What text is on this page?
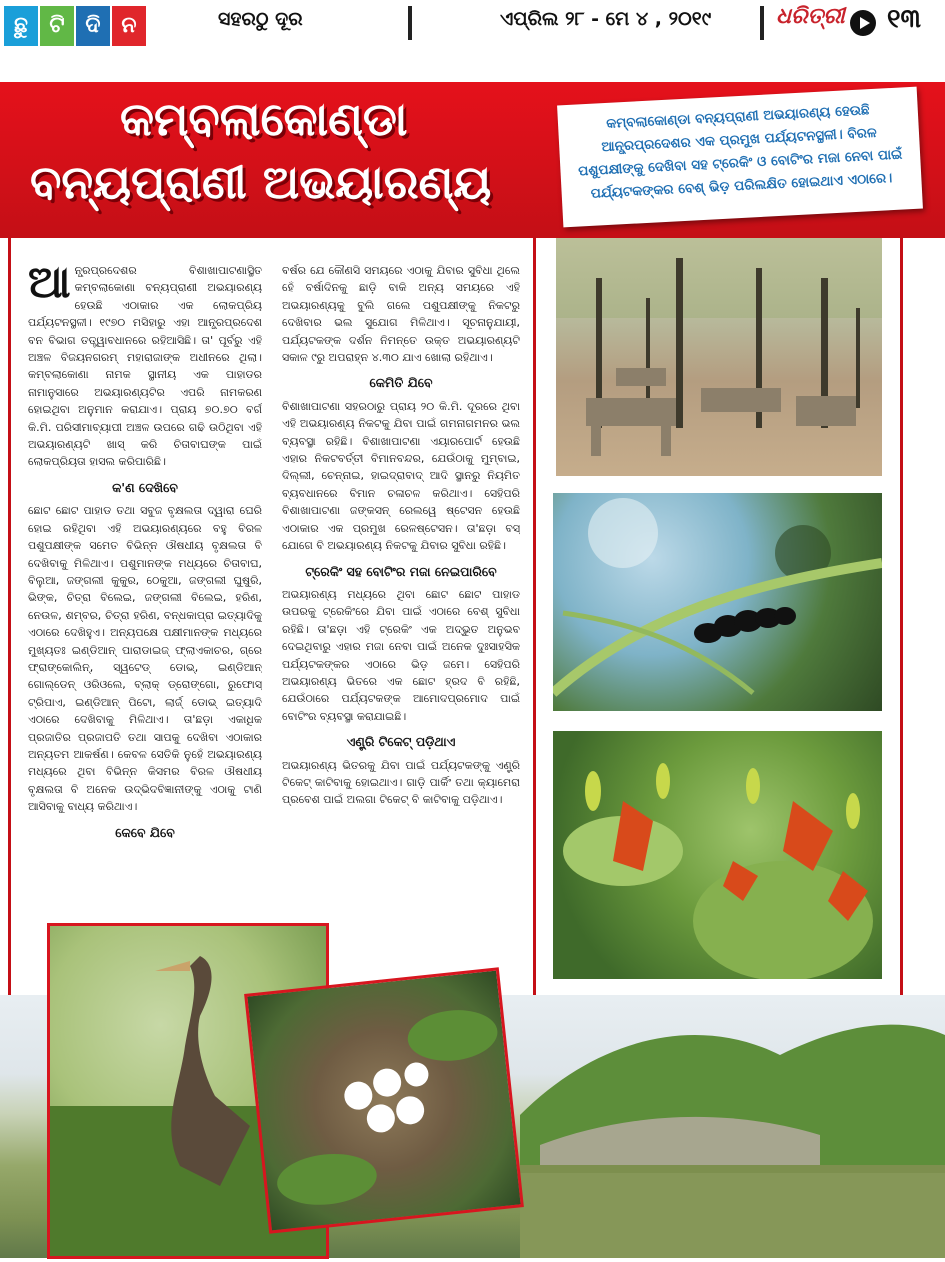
ଛୁ ଟି ଦି ନ	ସହରଠୁ ଦୂର	ଏପ୍ରିଲ ୨୮ - ମେ ୪ , ୨୦୧୯	ଧରିତ୍ରୀ ୧୩
କମ୍ବଲାକୋଣ୍ଡା
ବନ୍ୟପ୍ରାଣୀ ଅଭୟାରଣ୍ୟ
କମ୍ବଲାକୋଣ୍ଡା ବନ୍ୟପ୍ରାଣୀ ଅଭୟାରଣ୍ୟ ହେଉଛି ଆନ୍ଧ୍ରପ୍ରଦେଶର ଏକ ପ୍ରମୁଖ ପର୍ଯ୍ୟଟନସ୍ଥଳୀ। ବିରଳ ପଶୁପକ୍ଷୀଙ୍କୁ ଦେଖିବା ସହ ଟ୍ରେକିଂ ଓ ବୋଟିଂର ମଜା ନେବା ପାଇଁ ପର୍ଯ୍ୟଟକଙ୍କର ବେଶ୍ ଭିଡ଼ ପରିଲକ୍ଷିତ ହୋଇଥାଏ ଏଠାରେ।

ଆନ୍ଧ୍ରପ୍ରଦେଶର ବିଶାଖାପାଟଣାସ୍ଥିତ କମ୍ବଲାକୋଣା ବନ୍ୟପ୍ରାଣୀ ଅଭୟାରଣ୍ୟ ହେଉଛି ଏଠାକାର ଏକ ଲୋକପ୍ରିୟ ପର୍ଯ୍ୟଟନସ୍ଥଳୀ। ୧୯୭୦ ମସିହାରୁ ଏହା ଆନ୍ଧ୍ରପ୍ରଦେଶ ବନ ବିଭାଗ ତତ୍ତ୍ୱାବଧାନରେ ରହିଆସିଛି। ତା' ପୂର୍ବରୁ ଏହି ଅଞ୍ଚଳ ବିଜୟନଗରମ୍ ମହାରାଜାଙ୍କ ଅଧୀନରେ ଥିଲା। କମ୍ବଲାକୋଣା ନାମକ ସ୍ଥାନୀୟ ଏକ ପାହାଡର ନାମାନୁସାରେ ଅଭୟାରଣ୍ୟଟିର ଏପରି ନାମକରଣ ହୋଇଥିବା ଅନୁମାନ କରାଯାଏ। ପ୍ରାୟ ୭୦.୭୦ ବର୍ଗ କି.ମି. ପରିସୀମାବ୍ୟାପୀ ଅଞ୍ଚଳ ଉପରେ ଗଢି ଉଠିଥିବା ଏହି ଅଭୟାରଣ୍ୟଟି ଖାସ୍ କରି ଚିତାବାଘଙ୍କ ପାଇଁ ଲୋକପ୍ରିୟତା ହାସଲ କରିପାରିଛି।

କ'ଣ ଦେଖିବେ

ଛୋଟ ଛୋଟ ପାହାଡ ତଥା ସବୁଜ ବୃକ୍ଷଲତା ଦ୍ୱାରା ଘେରି ହୋଇ ରହିଥିବା ଏହି ଅଭୟାରଣ୍ୟରେ ବହୁ ବିରଳ ପଶୁପକ୍ଷୀଙ୍କ ସମେତ ବିଭିନ୍ନ ଔଷଧୀୟ ବୃକ୍ଷଲତା ବି ଦେଖିବାକୁ ମିଳିଥାଏ। ପଶୁମାନଙ୍କ ମଧ୍ୟରେ ଚିତାବାଘ, ବିଲୁଆ, ଜଙ୍ଗଲୀ କୁକୁର, ଠେକୁଆ, ଜଙ୍ଗଲୀ ଘୁଷୁରି, ଭିଙ୍କ, ଚିତ୍ରା ବିଲେଇ, ଜଙ୍ଗଲୀ ବିଲେଇ, ହରିଣ, ନେଉଳ, ଶମ୍ବର, ଚିତ୍ରା ହରିଣ, ବନ୍ଧକାପ୍ରା ଇତ୍ୟାଦିକୁ ଏଠାରେ ଦେଖିହୁଏ। ଅନ୍ୟପକ୍ଷେ ପକ୍ଷୀମାନଙ୍କ ମଧ୍ୟରେ ମୁଖ୍ୟତଃ ଇଣ୍ଡିଆନ୍ ପାରାଡାଇଜ୍ ଫ୍ଲାଏକାଚର, ଗ୍ରେ ଫ୍ରାଙ୍କୋଲିନ୍, ସ୍ୱଟେଡ୍ ଡୋଭ୍, ଇଣ୍ଡିଆନ୍ ଗୋଲ୍ଡେନ୍ ଓରିଓଲେ, ବ୍ଲାକ୍ ଡ୍ରୋଙ୍ଗୋ, ରୁଫୋସ୍ ଟ୍ରିପାଏ, ଇଣ୍ଡିଆନ୍ ପିଟୋ, ଲାର୍ଜ୍ ଡୋଭ୍ ଇତ୍ୟାଦି ଏଠାରେ ଦେଖିବାକୁ ମିଳିଥାଏ। ତା'ଛଡ଼ା ଏକାଧିକ ପ୍ରଜାତିର ପ୍ରଜାପତି ତଥା ସାପକୁ ଦେଖିବା ଏଠାକାର ଅନ୍ୟତମ ଆକର୍ଷଣ। କେବଳ ସେତିକି ନୁହେଁ ଅଭୟାରଣ୍ୟ ମଧ୍ୟରେ ଥିବା ବିଭିନ୍ନ କିସମର ବିରଳ ଔଷଧୀୟ ବୃକ୍ଷଲତା ବି ଅନେକ ଉଦ୍ଭିଦବିଜ୍ଞାନୀଙ୍କୁ ଏଠାକୁ ଟାଣି ଆସିବାକୁ ବାଧ୍ୟ କରିଥାଏ।

କେବେ ଯିବେ

ବର୍ଷର ଯେ କୌଣସି ସମୟରେ ଏଠାକୁ ଯିବାର ସୁବିଧା ଥିଲେ ହେଁ ବର୍ଷାଦିନକୁ ଛାଡ଼ି ବାକି ଅନ୍ୟ ସମୟରେ ଏହି ଅଭୟାରଣ୍ୟକୁ ବୁଲି ଗଲେ ପଶୁପକ୍ଷୀଙ୍କୁ ନିକଟରୁ ଦେଖିବାର ଭଲ ସୁଯୋଗ ମିଳିଥାଏ। ସୂଚନାନୁଯାୟୀ, ପର୍ଯ୍ୟଟକଙ୍କ ଦର୍ଶନ ନିମନ୍ତେ ଉକ୍ତ ଅଭୟାରଣ୍ୟଟି ସକାଳ ୯ରୁ ଅପରାହ୍ନ ୪.୩୦ ଯାଏ ଖୋଲା ରହିଥାଏ।

କେମିତି ଯିବେ

ବିଶାଖାପାଟଣା ସହରଠାରୁ ପ୍ରାୟ ୨୦ କି.ମି. ଦୂରରେ ଥିବା ଏହି ଅଭୟାରଣ୍ୟ ନିକଟକୁ ଯିବା ପାଇଁ ଗମନାଗମନର ଭଲ ବ୍ୟବସ୍ଥା ରହିଛି। ବିଶାଖାପାଟଣା ଏୟାରପୋର୍ଟ ହେଉଛି ଏହାର ନିକଟବର୍ତ୍ତୀ ବିମାନବନ୍ଦର, ଯେଉଁଠାକୁ ମୁମ୍ବାଇ, ଦିଲ୍ଲୀ, ଚେନ୍ନାଇ, ହାଇଦ୍ରାବାଦ୍ ଆଦି ସ୍ଥାନରୁ ନିୟମିତ ବ୍ୟବଧାନରେ ବିମାନ ଚଳାଚଳ କରିଥାଏ। ସେହିପରି ବିଶାଖାପାଟଣା ଜଙ୍କସନ୍ ରେଲୱେ ଷ୍ଟେସନ ହେଉଛି ଏଠାକାର ଏକ ପ୍ରମୁଖ ରେଳଷ୍ଟେସନ। ତା'ଛଡ଼ା ବସ୍ ଯୋଗେ ବି ଅଭୟାରଣ୍ୟ ନିକଟକୁ ଯିବାର ସୁବିଧା ରହିଛି।

ଟ୍ରେକିଂ ସହ ବୋଟିଂର ମଜା ନେଇପାରିବେ

ଅଭୟାରଣ୍ୟ ମଧ୍ୟରେ ଥିବା ଛୋଟ ଛୋଟ ପାହାଡ ଉପରକୁ ଟ୍ରେକିଂରେ ଯିବା ପାଇଁ ଏଠାରେ ବେଶ୍ ସୁବିଧା ରହିଛି। ତା'ଛଡ଼ା ଏହି ଟ୍ରେକିଂ ଏକ ଅଦ୍ଭୁତ ଅନୁଭବ ଦେଇଥିବାରୁ ଏହାର ମଜା ନେବା ପାଇଁ ଅନେକ ଦୁଃସାହସିକ ପର୍ଯ୍ୟଟକଙ୍କର ଏଠାରେ ଭିଡ଼ ଜମେ। ସେହିପରି ଅଭୟାରଣ୍ୟ ଭିତରେ ଏକ ଛୋଟ ହ୍ରଦ ବି ରହିଛି, ଯେଉଁଠାରେ ପର୍ଯ୍ୟଟକଙ୍କ ଆମୋଦପ୍ରମୋଦ ପାଇଁ ବୋଟିଂର ବ୍ୟବସ୍ଥା କରାଯାଇଛି।

ଏଣ୍ଟ୍ରି ଟିକେଟ୍ ପଡ଼ିଥାଏ

ଅଭୟାରଣ୍ୟ ଭିତରକୁ ଯିବା ପାଇଁ ପର୍ଯ୍ୟଟକଙ୍କୁ ଏଣ୍ଟ୍ରି ଟିକେଟ୍ କାଟିବାକୁ ହୋଇଥାଏ। ଗାଡ଼ି ପାର୍କିଂ ତଥା କ୍ୟାମେରା ପ୍ରବେଶ ପାଇଁ ଅଲଗା ଟିକେଟ୍ ବି କାଟିବାକୁ ପଡ଼ିଥାଏ।
